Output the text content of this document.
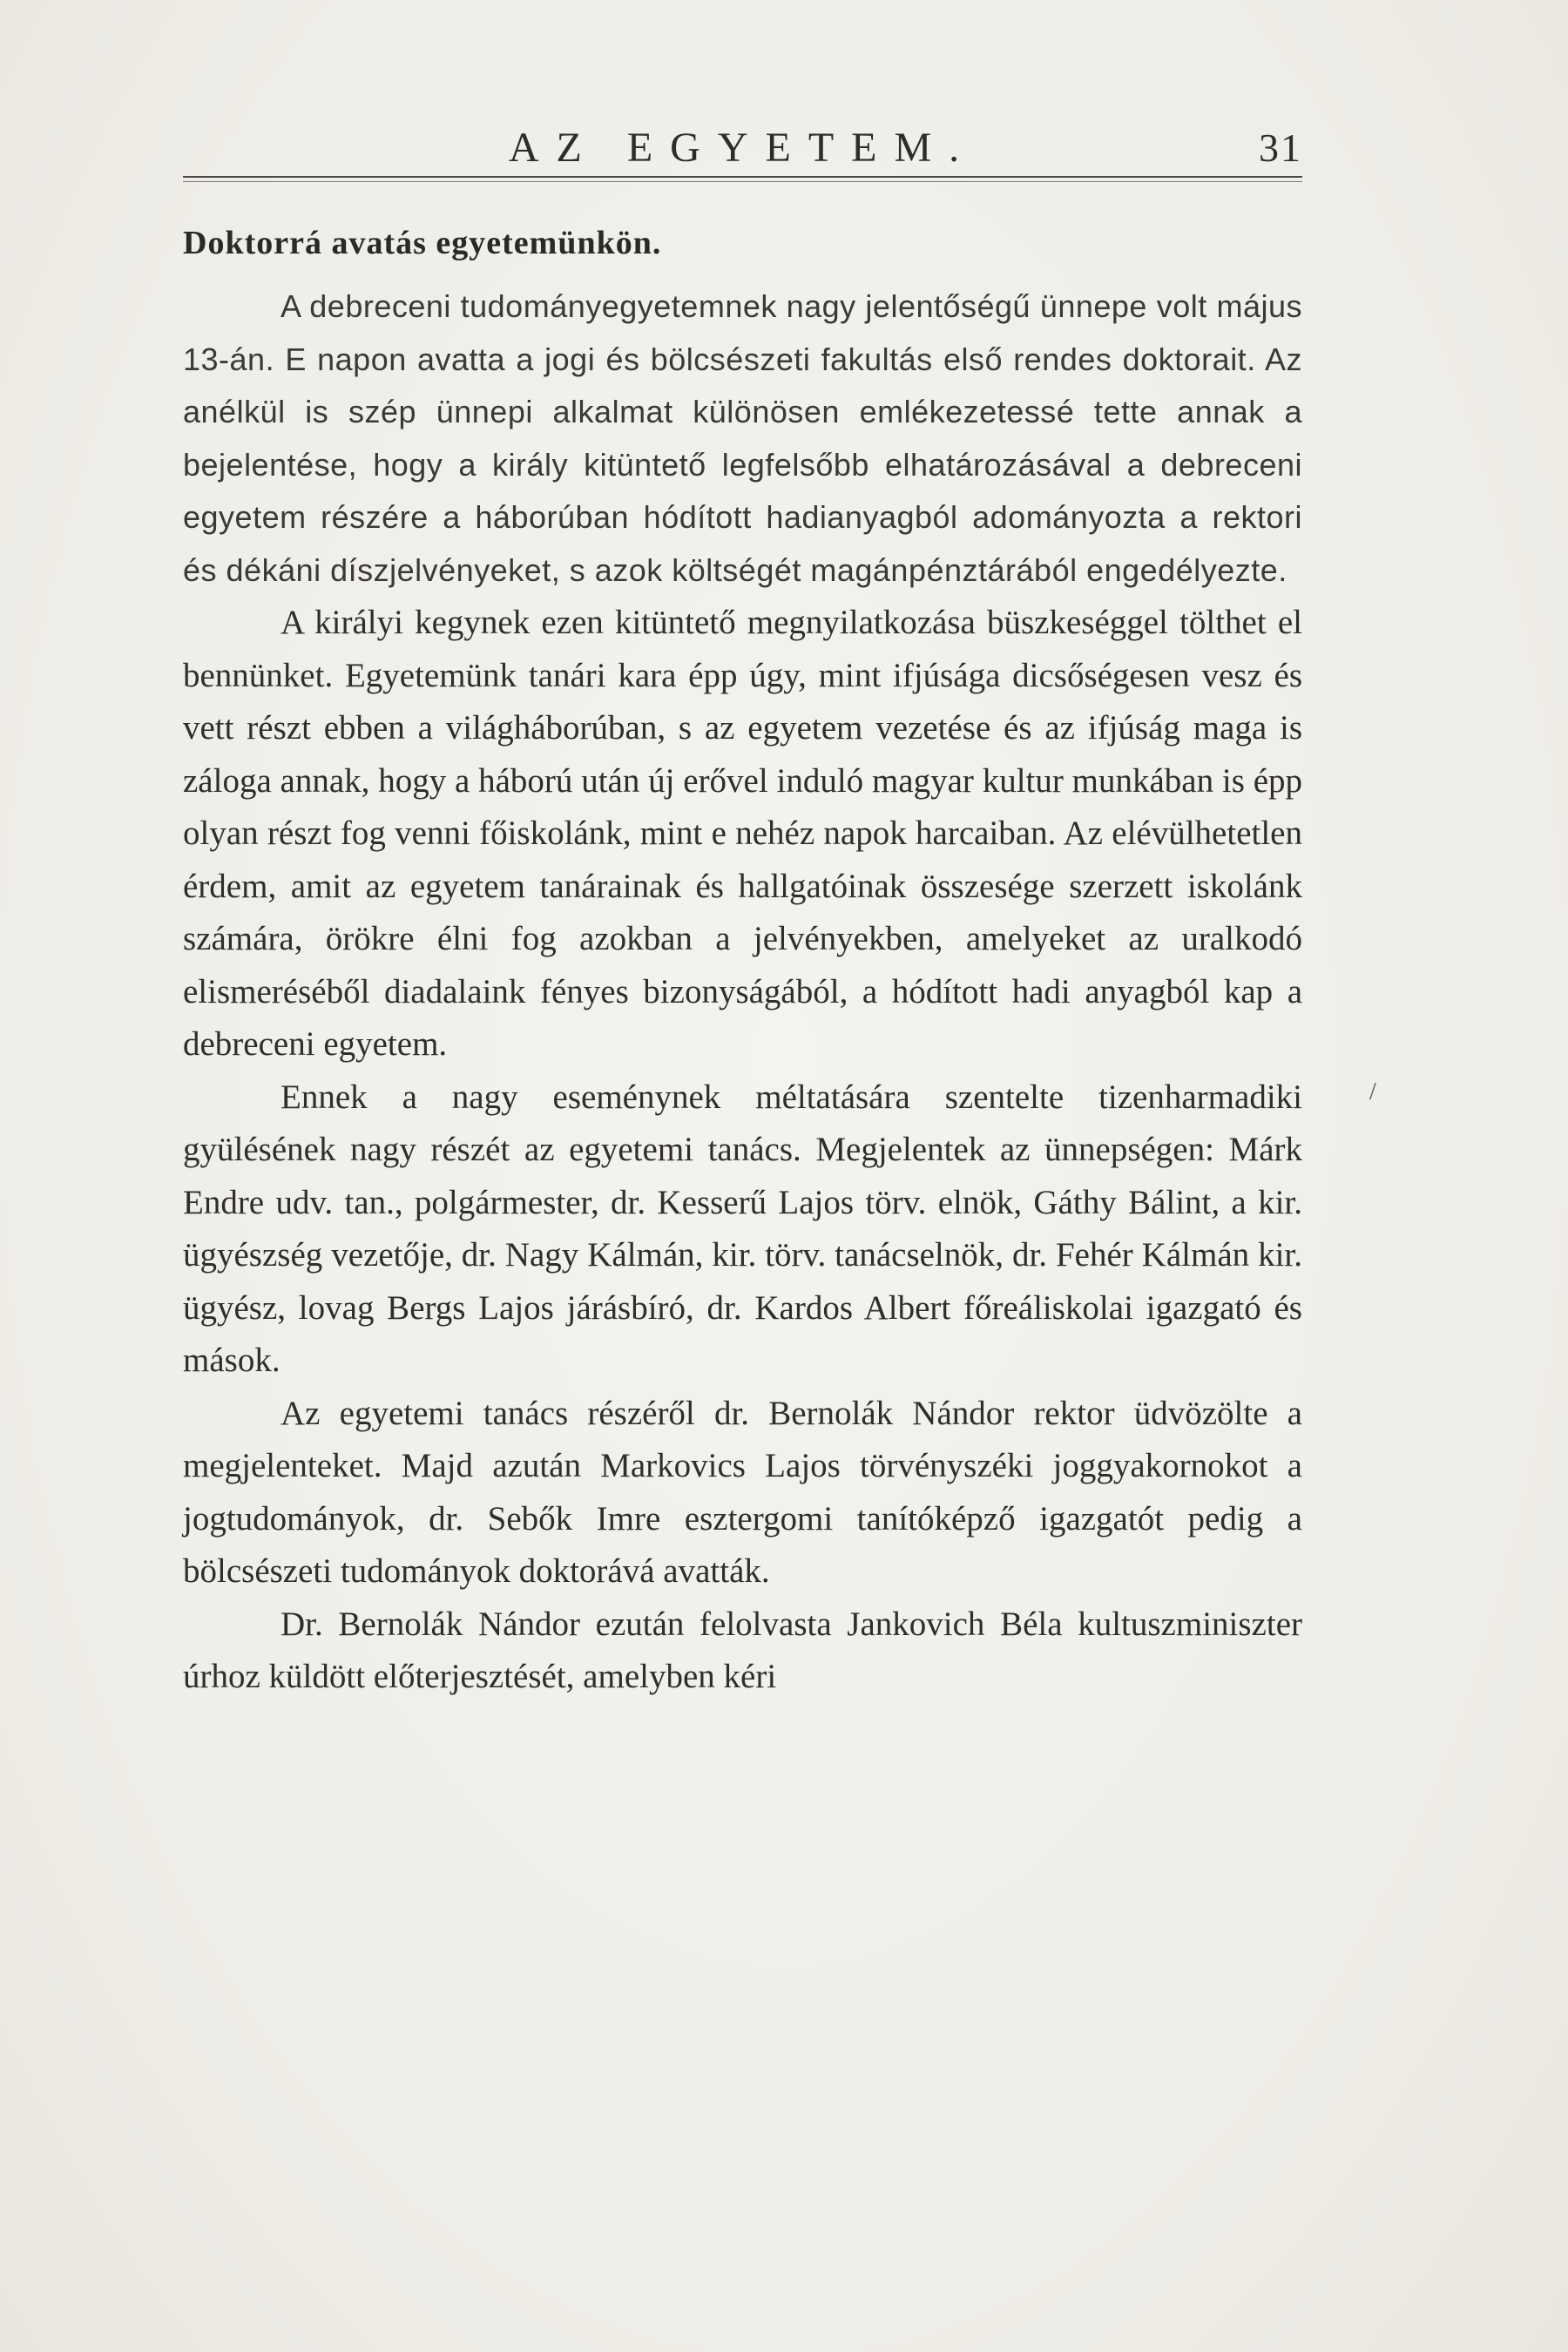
AZ EGYETEM.	31
Doktorrá avatás egyetemünkön.

A debreceni tudományegyetemnek nagy jelentőségű ünnepe volt május 13-án. E napon avatta a jogi és bölcsészeti fakultás első rendes doktorait. Az anélkül is szép ünnepi alkalmat különösen emlékezetessé tette annak a bejelentése, hogy a király kitüntető legfelsőbb elhatározásával a debreceni egyetem részére a háborúban hódított hadianyagból adományozta a rektori és dékáni díszjelvényeket, s azok költségét magánpénztárából engedélyezte.

A királyi kegynek ezen kitüntető megnyilatkozása büszkeséggel tölthet el bennünket. Egyetemünk tanári kara épp úgy, mint ifjúsága dicsőségesen vesz és vett részt ebben a világháborúban, s az egyetem vezetése és az ifjúság maga is záloga annak, hogy a háború után új erővel induló magyar kultur munkában is épp olyan részt fog venni főiskolánk, mint e nehéz napok harcaiban. Az elévülhetetlen érdem, amit az egyetem tanárainak és hallgatóinak összesége szerzett iskolánk számára, örökre élni fog azokban a jelvényekben, amelyeket az uralkodó elismeréséből diadalaink fényes bizonyságából, a hódított hadi anyagból kap a debreceni egyetem.

Ennek a nagy eseménynek méltatására szentelte tizenharmadiki gyülésének nagy részét az egyetemi tanács. Megjelentek az ünnepségen: Márk Endre udv. tan., polgármester, dr. Kesserű Lajos törv. elnök, Gáthy Bálint, a kir. ügyészség vezetője, dr. Nagy Kálmán, kir. törv. tanácselnök, dr. Fehér Kálmán kir. ügyész, lovag Bergs Lajos járásbíró, dr. Kardos Albert főreáliskolai igazgató és mások.

Az egyetemi tanács részéről dr. Bernolák Nándor rektor üdvözölte a megjelenteket. Majd azután Markovics Lajos törvényszéki joggyakornokot a jogtudományok, dr. Sebők Imre esztergomi tanítóképző igazgatót pedig a bölcsészeti tudományok doktorává avatták.

Dr. Bernolák Nándor ezután felolvasta Jankovich Béla kultuszminiszter úrhoz küldött előterjesztését, amelyben kéri

/
